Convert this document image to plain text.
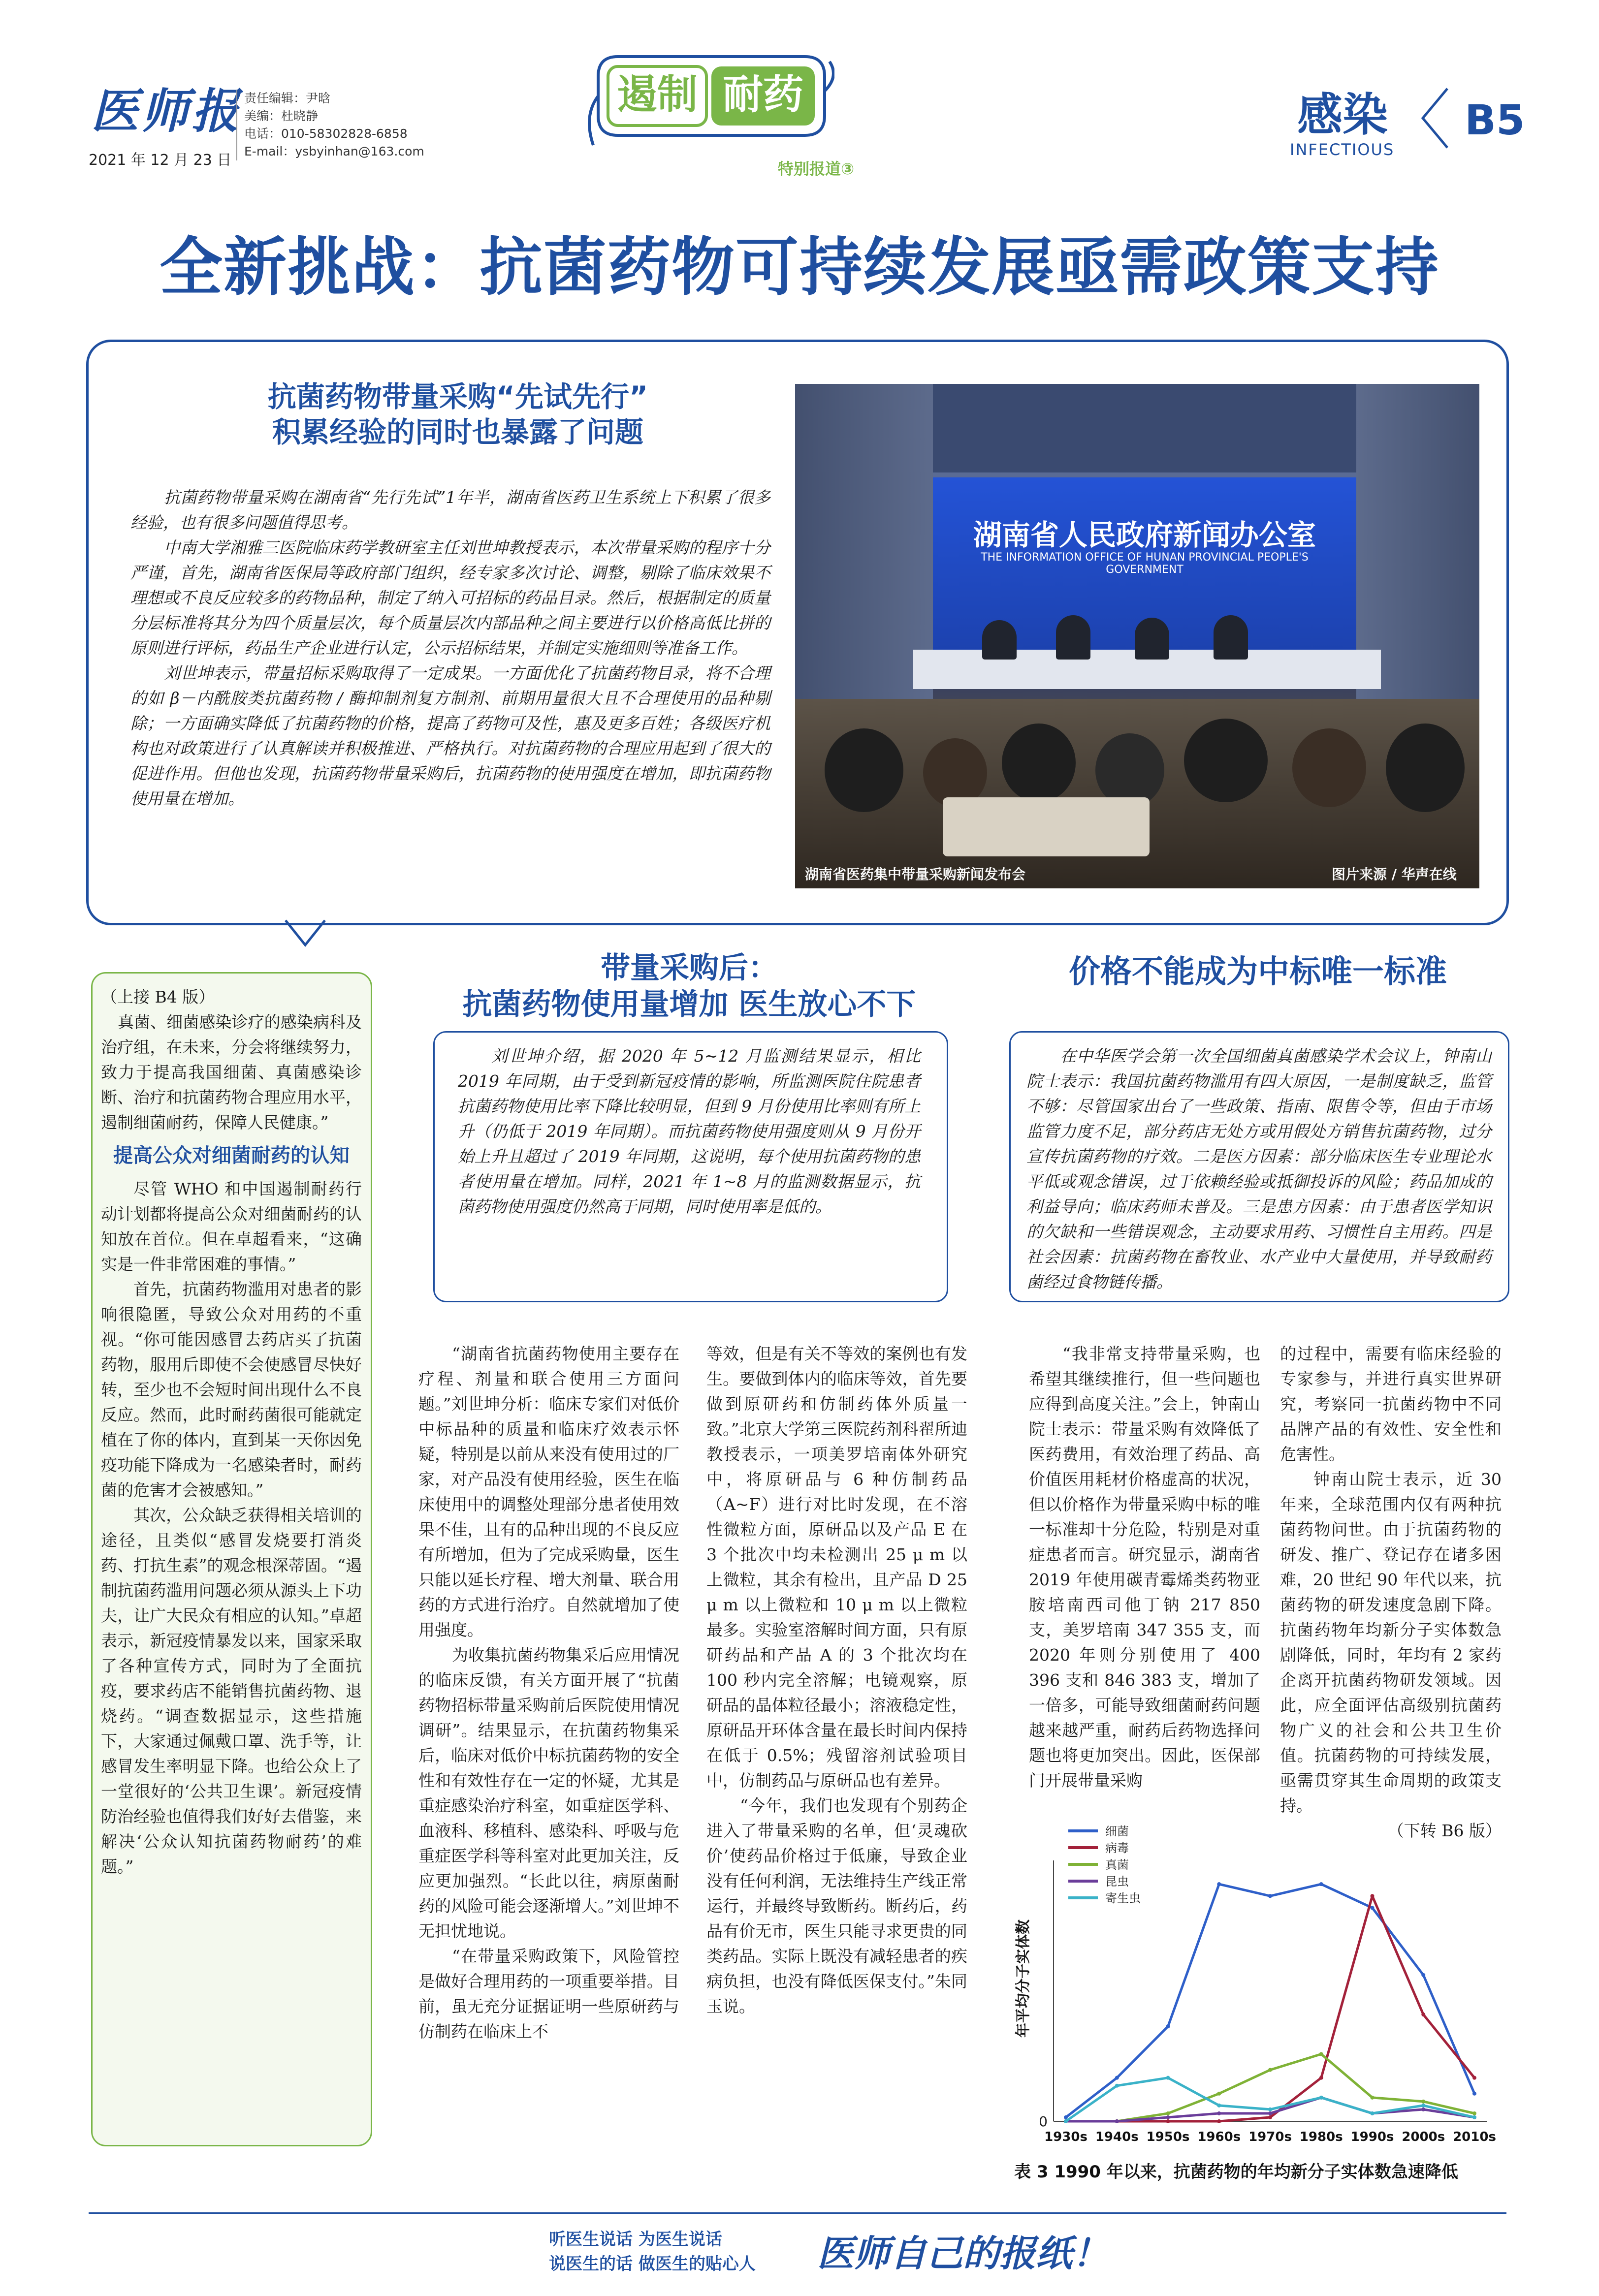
医师报
2021 年 12 月 23 日
责任编辑：尹晗
美编：杜晓静
电话：010-58302828-6858
E-mail：ysbyinhan@163.com
遏制 耐药
特别报道③
感染
INFECTIOUS
B5
全新挑战：抗菌药物可持续发展亟需政策支持
抗菌药物带量采购“先试先行”
积累经验的同时也暴露了问题

抗菌药物带量采购在湖南省“先行先试”1年半，湖南省医药卫生系统上下积累了很多经验，也有很多问题值得思考。

中南大学湘雅三医院临床药学教研室主任刘世坤教授表示，本次带量采购的程序十分严谨，首先，湖南省医保局等政府部门组织，经专家多次讨论、调整，剔除了临床效果不理想或不良反应较多的药物品种，制定了纳入可招标的药品目录。然后，根据制定的质量分层标准将其分为四个质量层次，每个质量层次内部品种之间主要进行以价格高低比拼的原则进行评标，药品生产企业进行认定，公示招标结果，并制定实施细则等准备工作。

刘世坤表示，带量招标采购取得了一定成果。一方面优化了抗菌药物目录，将不合理的如 β－内酰胺类抗菌药物 / 酶抑制剂复方制剂、前期用量很大且不合理使用的品种剔除；一方面确实降低了抗菌药物的价格，提高了药物可及性，惠及更多百姓；各级医疗机构也对政策进行了认真解读并积极推进、严格执行。对抗菌药物的合理应用起到了很大的促进作用。但他也发现，抗菌药物带量采购后，抗菌药物的使用强度在增加，即抗菌药物使用量在增加。

湖南省人民政府新闻办公室
THE INFORMATION OFFICE OF HUNAN PROVINCIAL PEOPLE'S GOVERNMENT
湖南省医药集中带量采购新闻发布会	图片来源 / 华声在线
（上接 B4 版）
真菌、细菌感染诊疗的感染病科及治疗组，在未来，分会将继续努力，致力于提高我国细菌、真菌感染诊断、治疗和抗菌药物合理应用水平，遏制细菌耐药，保障人民健康。”
提高公众对细菌耐药的认知
尽管 WHO 和中国遏制耐药行动计划都将提高公众对细菌耐药的认知放在首位。但在卓超看来，“这确实是一件非常困难的事情。”
首先，抗菌药物滥用对患者的影响很隐匿，导致公众对用药的不重视。“你可能因感冒去药店买了抗菌药物，服用后即使不会使感冒尽快好转，至少也不会短时间出现什么不良反应。然而，此时耐药菌很可能就定植在了你的体内，直到某一天你因免疫功能下降成为一名感染者时，耐药菌的危害才会被感知。”
其次，公众缺乏获得相关培训的途径，且类似“感冒发烧要打消炎药、打抗生素”的观念根深蒂固。“遏制抗菌药滥用问题必须从源头上下功夫，让广大民众有相应的认知。”卓超表示，新冠疫情暴发以来，国家采取了各种宣传方式，同时为了全面抗疫，要求药店不能销售抗菌药物、退烧药。“调查数据显示，这些措施下，大家通过佩戴口罩、洗手等，让感冒发生率明显下降。也给公众上了一堂很好的‘公共卫生课’。新冠疫情防治经验也值得我们好好去借鉴，来解决‘公众认知抗菌药物耐药’的难题。”
带量采购后：
抗菌药物使用量增加 医生放心不下

刘世坤介绍，据 2020 年 5~12 月监测结果显示，相比 2019 年同期，由于受到新冠疫情的影响，所监测医院住院患者抗菌药物使用比率下降比较明显，但到 9 月份使用比率则有所上升（仍低于 2019 年同期）。而抗菌药物使用强度则从 9 月份开始上升且超过了 2019 年同期，这说明，每个使用抗菌药物的患者使用量在增加。同样，2021 年 1~8 月的监测数据显示，抗菌药物使用强度仍然高于同期，同时使用率是低的。

“湖南省抗菌药物使用主要存在疗程、剂量和联合使用三方面问题。”刘世坤分析：临床专家们对低价中标品种的质量和临床疗效表示怀疑，特别是以前从来没有使用过的厂家，对产品没有使用经验，医生在临床使用中的调整处理部分患者使用效果不佳，且有的品种出现的不良反应有所增加，但为了完成采购量，医生只能以延长疗程、增大剂量、联合用药的方式进行治疗。自然就增加了使用强度。

为收集抗菌药物集采后应用情况的临床反馈，有关方面开展了“抗菌药物招标带量采购前后医院使用情况调研”。结果显示，在抗菌药物集采后，临床对低价中标抗菌药物的安全性和有效性存在一定的怀疑，尤其是重症感染治疗科室，如重症医学科、血液科、移植科、感染科、呼吸与危重症医学科等科室对此更加关注，反应更加强烈。“长此以往，病原菌耐药的风险可能会逐渐增大。”刘世坤不无担忧地说。

“在带量采购政策下，风险管控是做好合理用药的一项重要举措。目前，虽无充分证据证明一些原研药与仿制药在临床上不

等效，但是有关不等效的案例也有发生。要做到体内的临床等效，首先要做到原研药和仿制药体外质量一致。”北京大学第三医院药剂科翟所迪教授表示，一项美罗培南体外研究中，将原研品与 6 种仿制药品（A~F）进行对比时发现，在不溶性微粒方面，原研品以及产品 E 在 3 个批次中均未检测出 25 μ m 以上微粒，其余有检出，且产品 D 25 μ m 以上微粒和 10 μ m 以上微粒最多。实验室溶解时间方面，只有原研药品和产品 A 的 3 个批次均在 100 秒内完全溶解；电镜观察，原研品的晶体粒径最小；溶液稳定性，原研品开环体含量在最长时间内保持在低于 0.5%；残留溶剂试验项目中，仿制药品与原研品也有差异。

“今年，我们也发现有个别药企进入了带量采购的名单，但‘灵魂砍价’使药品价格过于低廉，导致企业没有任何利润，无法维持生产线正常运行，并最终导致断药。断药后，药品有价无市，医生只能寻求更贵的同类药品。实际上既没有减轻患者的疾病负担，也没有降低医保支付。”朱同玉说。

价格不能成为中标唯一标准

在中华医学会第一次全国细菌真菌感染学术会议上，钟南山院士表示：我国抗菌药物滥用有四大原因，一是制度缺乏，监管不够：尽管国家出台了一些政策、指南、限售令等，但由于市场监管力度不足，部分药店无处方或用假处方销售抗菌药物，过分宣传抗菌药物的疗效。二是医方因素：部分临床医生专业理论水平低或观念错误，过于依赖经验或抵御投诉的风险；药品加成的利益导向；临床药师未普及。三是患方因素：由于患者医学知识的欠缺和一些错误观念，主动要求用药、习惯性自主用药。四是社会因素：抗菌药物在畜牧业、水产业中大量使用，并导致耐药菌经过食物链传播。

“我非常支持带量采购，也希望其继续推行，但一些问题也应得到高度关注。”会上，钟南山院士表示：带量采购有效降低了医药费用，有效治理了药品、高价值医用耗材价格虚高的状况，但以价格作为带量采购中标的唯一标准却十分危险，特别是对重症患者而言。研究显示，湖南省 2019 年使用碳青霉烯类药物亚胺培南西司他丁钠 217 850 支，美罗培南 347 355 支，而 2020 年则分别使用了 400 396 支和 846 383 支，增加了一倍多，可能导致细菌耐药问题越来越严重，耐药后药物选择问题也将更加突出。因此，医保部门开展带量采购

的过程中，需要有临床经验的专家参与，并进行真实世界研究，考察同一抗菌药物中不同品牌产品的有效性、安全性和危害性。

钟南山院士表示，近 30 年来，全球范围内仅有两种抗菌药物问世。由于抗菌药物的研发、推广、登记存在诸多困难，20 世纪 90 年代以来，抗菌药物的研发速度急剧下降。抗菌药物年均新分子实体数急剧降低，同时，年均有 2 家药企离开抗菌药物研发领域。因此，应全面评估高级别抗菌药物广义的社会和公共卫生价值。抗菌药物的可持续发展，亟需贯穿其生命周期的政策支持。

（下转 B6 版）
细菌
病毒
真菌
昆虫
寄生虫
0
1930s 1940s 1950s 1960s 1970s 1980s 1990s 2000s 2010s
年平均分子实体数
表 3 1990 年以来，抗菌药物的年均新分子实体数急速降低
听医生说话 为医生说话
说医生的话 做医生的贴心人 医师自己的报纸！
